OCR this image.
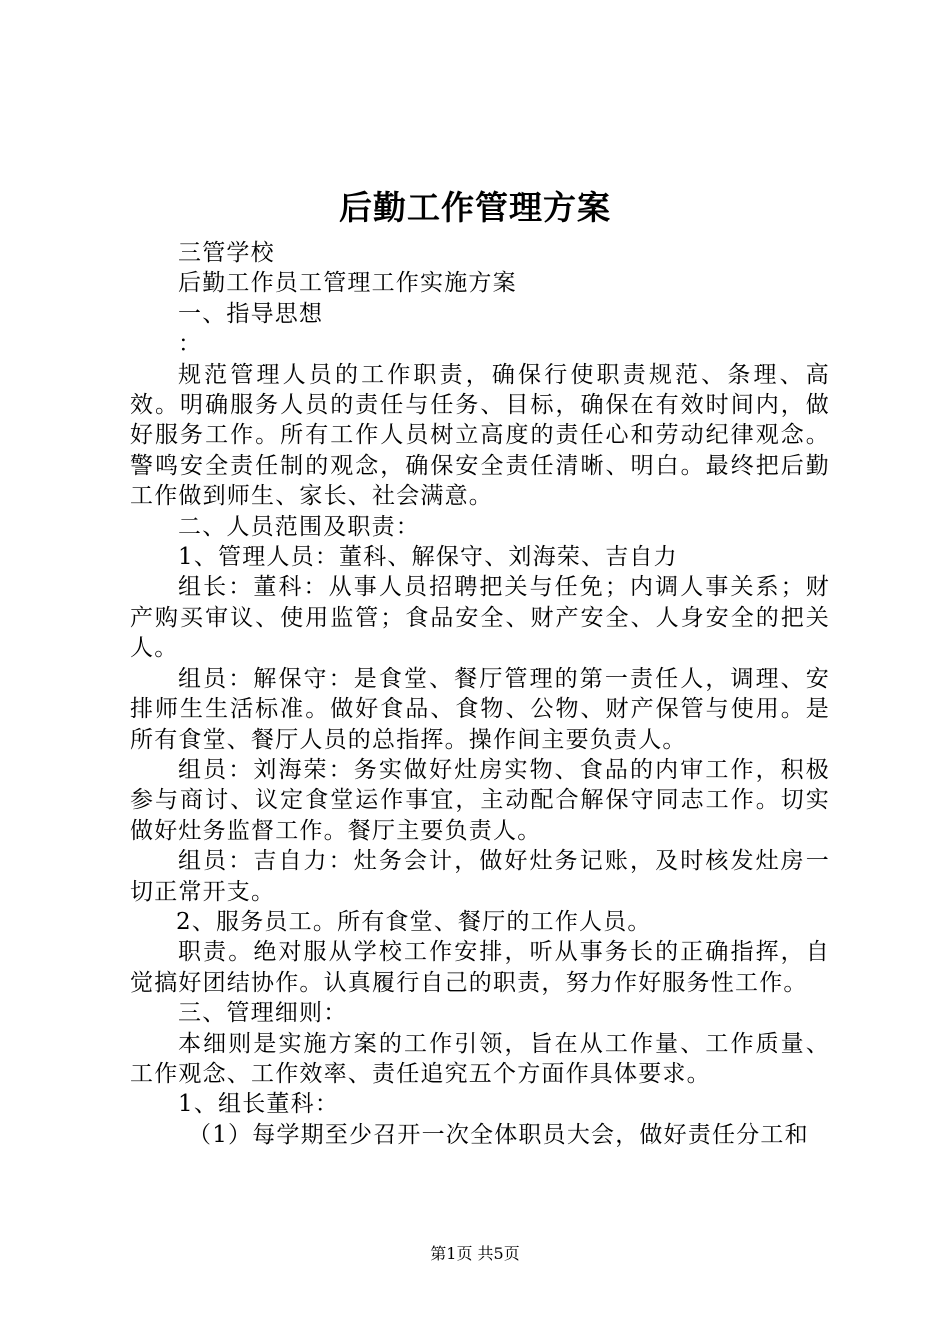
后勤工作管理方案

三管学校

后勤工作员工管理工作实施方案

一、指导思想

：

规范管理人员的工作职责，确保行使职责规范、条理、高效。明确服务人员的责任与任务、目标，确保在有效时间内，做好服务工作。所有工作人员树立高度的责任心和劳动纪律观念。警鸣安全责任制的观念，确保安全责任清晰、明白。最终把后勤工作做到师生、家长、社会满意。

二、人员范围及职责：

1、管理人员：董科、解保守、刘海荣、吉自力

组长：董科：从事人员招聘把关与任免；内调人事关系；财产购买审议、使用监管；食品安全、财产安全、人身安全的把关人。

组员：解保守：是食堂、餐厅管理的第一责任人，调理、安排师生生活标准。做好食品、食物、公物、财产保管与使用。是所有食堂、餐厅人员的总指挥。操作间主要负责人。

组员：刘海荣：务实做好灶房实物、食品的内审工作，积极参与商讨、议定食堂运作事宜，主动配合解保守同志工作。切实做好灶务监督工作。餐厅主要负责人。

组员：吉自力：灶务会计，做好灶务记账，及时核发灶房一切正常开支。

2、服务员工。所有食堂、餐厅的工作人员。

职责。绝对服从学校工作安排，听从事务长的正确指挥，自觉搞好团结协作。认真履行自己的职责，努力作好服务性工作。

三、管理细则：

本细则是实施方案的工作引领，旨在从工作量、工作质量、工作观念、工作效率、责任追究五个方面作具体要求。

1、组长董科：

（1）每学期至少召开一次全体职员大会，做好责任分工和

第1页 共5页
